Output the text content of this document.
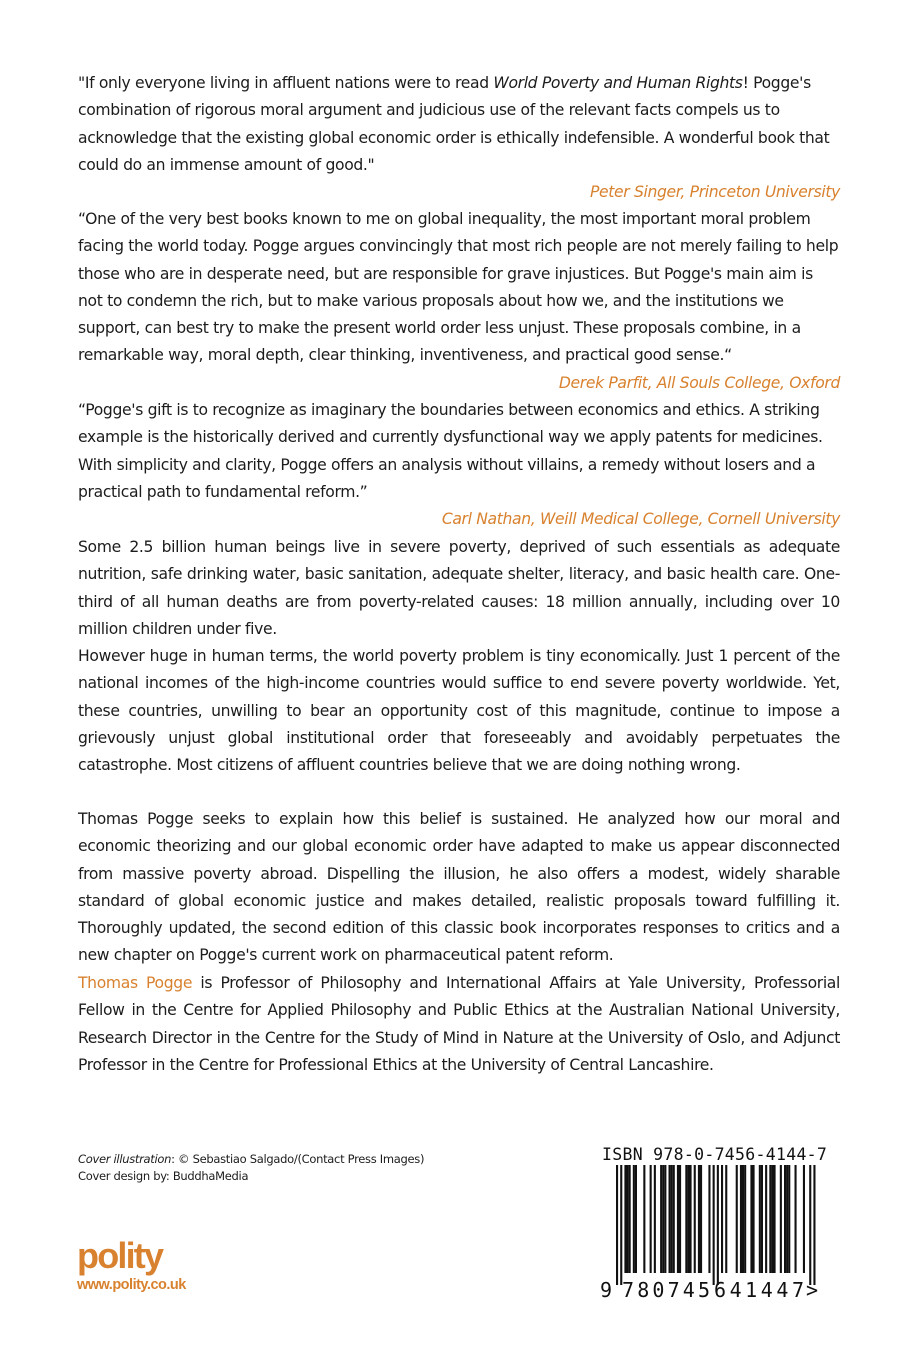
"If only everyone living in affluent nations were to read World Poverty and Human Rights! Pogge's combination of rigorous moral argument and judicious use of the relevant facts compels us to acknowledge that the existing global economic order is ethically indefensible. A wonderful book that could do an immense amount of good."

Peter Singer, Princeton University

“One of the very best books known to me on global inequality, the most important moral problem facing the world today. Pogge argues convincingly that most rich people are not merely failing to help those who are in desperate need, but are responsible for grave injustices. But Pogge's main aim is not to condemn the rich, but to make various proposals about how we, and the institutions we support, can best try to make the present world order less unjust. These proposals combine, in a remarkable way, moral depth, clear thinking, inventiveness, and practical good sense.“

Derek Parfit, All Souls College, Oxford

“Pogge's gift is to recognize as imaginary the boundaries between economics and ethics. A striking example is the historically derived and currently dysfunctional way we apply patents for medicines. With simplicity and clarity, Pogge offers an analysis without villains, a remedy without losers and a practical path to fundamental reform.”

Carl Nathan, Weill Medical College, Cornell University

Some 2.5 billion human beings live in severe poverty, deprived of such essentials as adequate nutrition, safe drinking water, basic sanitation, adequate shelter, literacy, and basic health care. One-third of all human deaths are from poverty-related causes: 18 million annually, including over 10 million children under five.

However huge in human terms, the world poverty problem is tiny economically. Just 1 percent of the national incomes of the high-income countries would suffice to end severe poverty worldwide. Yet, these countries, unwilling to bear an opportunity cost of this magnitude, continue to impose a grievously unjust global institutional order that foreseeably and avoidably perpetuates the catastrophe. Most citizens of affluent countries believe that we are doing nothing wrong.

Thomas Pogge seeks to explain how this belief is sustained. He analyzed how our moral and economic theorizing and our global economic order have adapted to make us appear disconnected from massive poverty abroad. Dispelling the illusion, he also offers a modest, widely sharable standard of global economic justice and makes detailed, realistic proposals toward fulfilling it. Thoroughly updated, the second edition of this classic book incorporates responses to critics and a new chapter on Pogge's current work on pharmaceutical patent reform.

Thomas Pogge is Professor of Philosophy and International Affairs at Yale University, Professorial Fellow in the Centre for Applied Philosophy and Public Ethics at the Australian National University, Research Director in the Centre for the Study of Mind in Nature at the University of Oslo, and Adjunct Professor in the Centre for Professional Ethics at the University of Central Lancashire.

Cover illustration: © Sebastiao Salgado/(Contact Press Images)
Cover design by: BuddhaMedia
polity
www.polity.co.uk
ISBN 978-0-7456-4144-7
9 780745 641447 >
